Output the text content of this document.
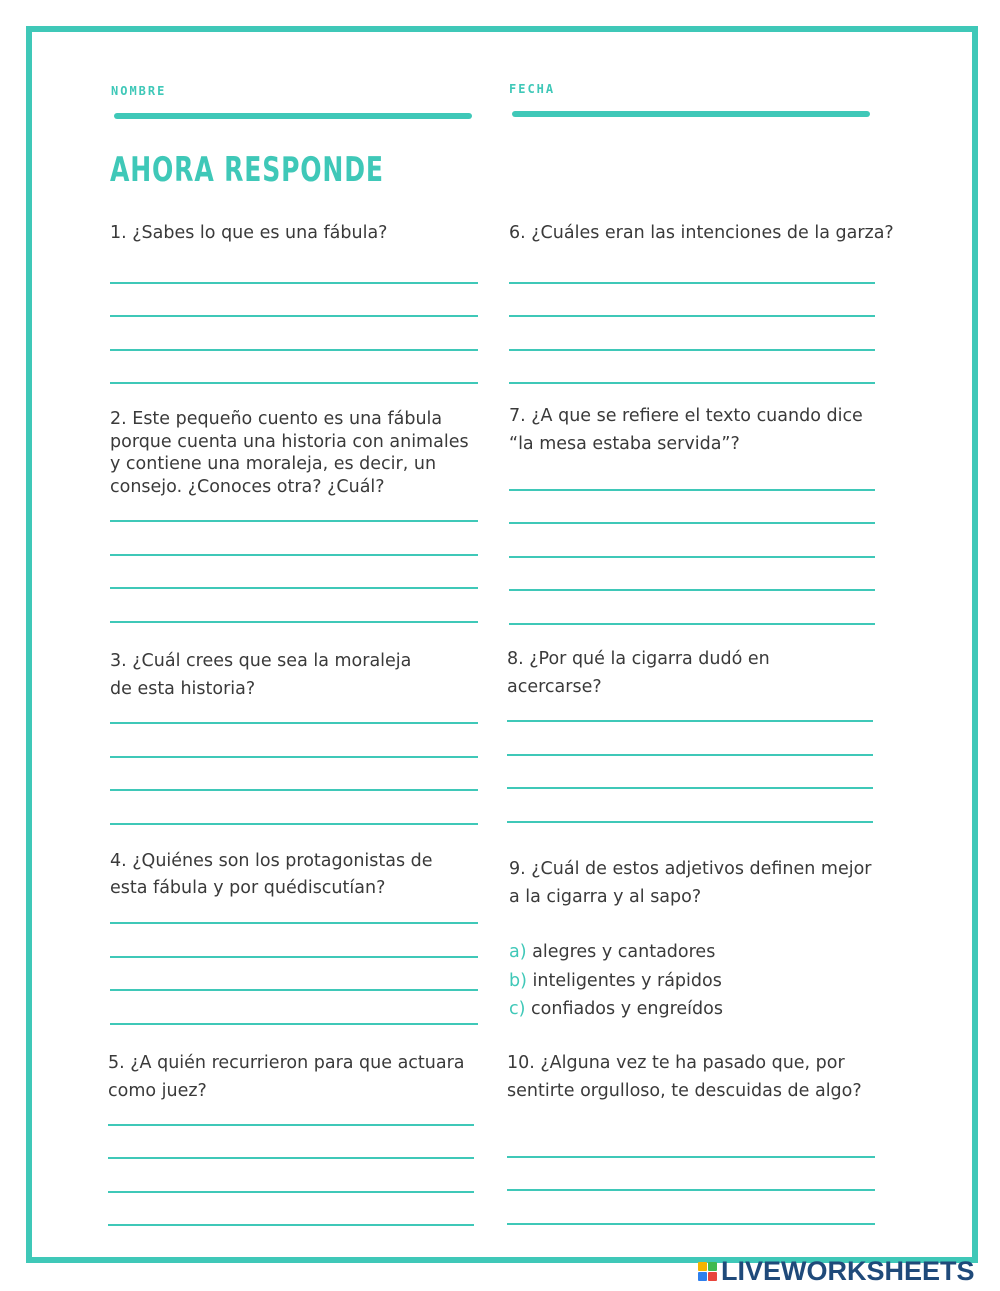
NOMBRE	FECHA
AHORA RESPONDE
1. ¿Sabes lo que es una fábula?
2. Este pequeño cuento es una fábula porque cuenta una historia con animales y contiene una moraleja, es decir, un consejo. ¿Conoces otra? ¿Cuál?
3. ¿Cuál crees que sea la moraleja
de esta historia?
4. ¿Quiénes son los protagonistas de
esta fábula y por quédiscutían?
5. ¿A quién recurrieron para que actuara
como juez?
6. ¿Cuáles eran las intenciones de la garza?
7. ¿A que se refiere el texto cuando dice
“la mesa estaba servida”?
8. ¿Por qué la cigarra dudó en
acercarse?
9. ¿Cuál de estos adjetivos definen mejor
a la cigarra y al sapo?
a) alegres y cantadores
b) inteligentes y rápidos
c) confiados y engreídos
10. ¿Alguna vez te ha pasado que, por
sentirte orgulloso, te descuidas de algo?
LIVEWORKSHEETS
